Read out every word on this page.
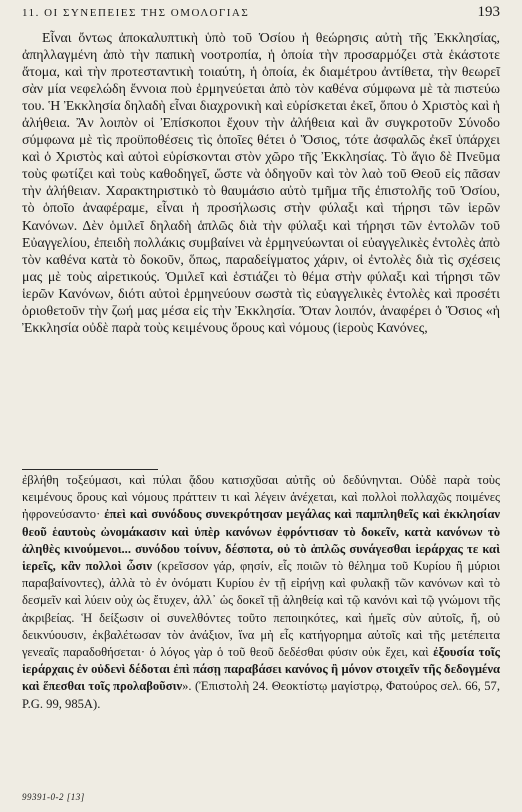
11. ΟΙ ΣΥΝΕΠΕΙΕΣ ΤΗΣ ΟΜΟΛΟΓΙΑΣ	193

Εἶναι ὄντως ἀποκαλυπτικὴ ὑπὸ τοῦ Ὁσίου ἡ θεώρησις αὐτὴ τῆς Ἐκκλησίας, ἀπηλλαγμένη ἀπὸ τὴν παπικὴ νοοτροπία, ἡ ὁποία τὴν προσαρμόζει στὰ ἑκάστοτε ἄτομα, καὶ τὴν προτεσταντικὴ τοιαύτη, ἡ ὁποία, ἐκ διαμέτρου ἀντίθετα, τὴν θεωρεῖ σὰν μία νεφελώδη ἔννοια ποὺ ἑρμηνεύεται ἀπὸ τὸν καθένα σύμφωνα μὲ τὰ πιστεύω του. Ἡ Ἐκκλησία δηλαδὴ εἶναι διαχρονικὴ καὶ εὑρίσκεται ἐκεῖ, ὅπου ὁ Χριστὸς καὶ ἡ ἀλήθεια. Ἂν λοιπὸν οἱ Ἐπίσκοποι ἔχουν τὴν ἀλήθεια καὶ ἂν συγκροτοῦν Σύνοδο σύμφωνα μὲ τὶς προϋποθέσεις τὶς ὁποῖες θέτει ὁ Ὅσιος, τότε ἀσφαλῶς ἐκεῖ ὑπάρχει καὶ ὁ Χριστὸς καὶ αὐτοὶ εὑρίσκονται στὸν χῶρο τῆς Ἐκκλησίας. Τὸ ἅγιο δὲ Πνεῦμα τοὺς φωτίζει καὶ τοὺς καθοδηγεῖ, ὥστε νὰ ὁδηγοῦν καὶ τὸν λαὸ τοῦ Θεοῦ εἰς πᾶσαν τὴν ἀλήθειαν. Χαρακτηριστικὸ τὸ θαυμάσιο αὐτὸ τμῆμα τῆς ἐπιστολῆς τοῦ Ὁσίου, τὸ ὁποῖο ἀναφέραμε, εἶναι ἡ προσήλωσις στὴν φύλαξι καὶ τήρησι τῶν ἱερῶν Κανόνων. Δὲν ὁμιλεῖ δηλαδὴ ἁπλῶς διὰ τὴν φύλαξι καὶ τήρησι τῶν ἐντολῶν τοῦ Εὐαγγελίου, ἐπειδὴ πολλάκις συμβαίνει νὰ ἑρμηνεύωνται οἱ εὐαγγελικὲς ἐντολὲς ἀπὸ τὸν καθένα κατὰ τὸ δοκοῦν, ὅπως, παραδείγματος χάριν, οἱ ἐντολὲς διὰ τὶς σχέσεις μας μὲ τοὺς αἱρετικούς. Ὁμιλεῖ καὶ ἑστιάζει τὸ θέμα στὴν φύλαξι καὶ τήρησι τῶν ἱερῶν Κανόνων, διότι αὐτοὶ ἑρμηνεύουν σωστὰ τὶς εὐαγγελικὲς ἐντολὲς καὶ προσέτι ὀριοθετοῦν τὴν ζωή μας μέσα εἰς τὴν Ἐκκλησία. Ὅταν λοιπόν, ἀναφέρει ὁ Ὅσιος «ἡ Ἐκκλησία οὐδὲ παρὰ τοὺς κειμένους ὅρους καὶ νόμους (ἱεροὺς Κανόνες,

ἐβλήθη τοξεύμασι, καὶ πύλαι ᾅδου κατισχῦσαι αὐτῆς οὐ δεδύνηνται. Οὐδὲ παρὰ τοὺς κειμένους ὅρους καὶ νόμους πράττειν τι καὶ λέγειν ἀνέχεται, καὶ πολλοὶ πολλαχῶς ποιμένες ἠφρονεύσαντο· ἐπεὶ καὶ συνόδους συνεκρότησαν μεγάλας καὶ παμπληθεῖς καὶ ἐκκλησίαν θεοῦ ἑαυτοὺς ὠνομάκασιν καὶ ὑπὲρ κανόνων ἐφρόντισαν τὸ δοκεῖν, κατὰ κανόνων τὸ ἀληθὲς κινούμενοι... συνόδου τοίνυν, δέσποτα, οὐ τὸ ἁπλῶς συνάγεσθαι ἱεράρχας τε καὶ ἱερεῖς, κἂν πολλοὶ ὦσιν (κρεῖσσον γάρ, φησίν, εἷς ποιῶν τὸ θέλημα τοῦ Κυρίου ἢ μύριοι παραβαίνοντες), ἀλλὰ τὸ ἐν ὀνόματι Κυρίου ἐν τῇ εἰρήνῃ καὶ φυλακῇ τῶν κανόνων καὶ τὸ δεσμεῖν καὶ λύειν οὐχ ὡς ἔτυχεν, ἀλλ᾽ ὡς δοκεῖ τῇ ἀληθείᾳ καὶ τῷ κανόνι καὶ τῷ γνώμονι τῆς ἀκριβείας. Ἡ δείξωσιν οἱ συνελθόντες τοῦτο πεποιηκότες, καὶ ἡμεῖς σὺν αὐτοῖς, ἤ, οὐ δεικνύουσιν, ἐκβαλέτωσαν τὸν ἀνάξιον, ἵνα μὴ εἷς κατήγορημα αὐτοῖς καὶ τῆς μετέπειτα γενεαῖς παραδοθήσεται· ὁ λόγος γὰρ ὁ τοῦ θεοῦ δεδέσθαι φύσιν οὐκ ἔχει, καὶ ἐξουσία τοῖς ἱεράρχαις ἐν οὐδενὶ δέδοται ἐπὶ πάσῃ παραβάσει κανόνος ἢ μόνον στοιχεῖν τῆς δεδογμένα καὶ ἕπεσθαι τοῖς προλαβοῦσιν». (Ἐπιστολὴ 24. Θεοκτίστῳ μαγίστρῳ, Φατούρος σελ. 66, 57, P.G. 99, 985A).

99391-0-2 [13]
